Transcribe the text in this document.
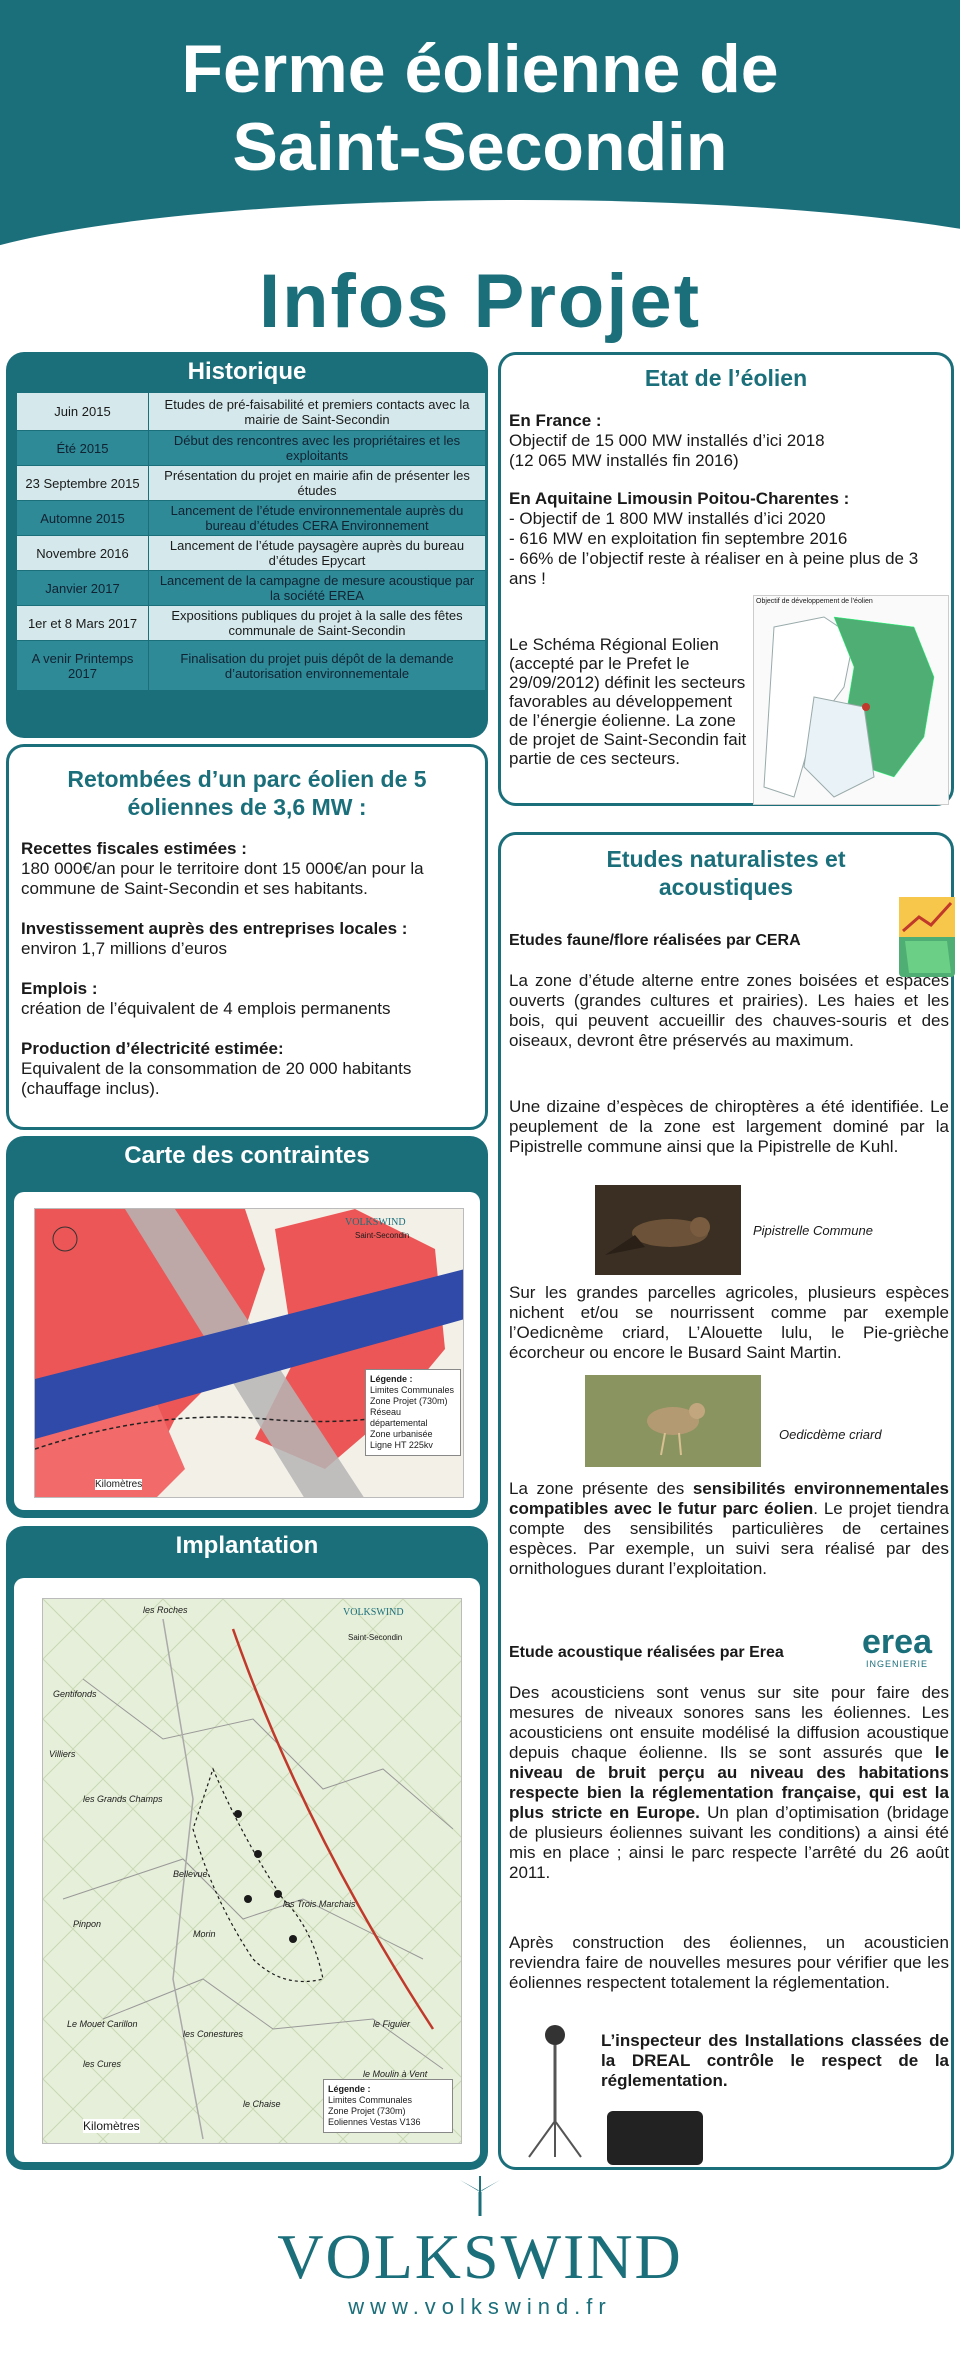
Ferme éolienne de
Saint-Secondin
Infos Projet
Historique
Juin 2015	Etudes de pré-faisabilité et premiers contacts avec la mairie de Saint-Secondin
Été 2015	Début des rencontres avec les propriétaires et les exploitants
23 Septembre 2015	Présentation du projet en mairie afin de présenter les études
Automne 2015	Lancement de l’étude environnementale auprès du bureau d’études CERA Environnement
Novembre 2016	Lancement de l’étude paysagère auprès du bureau d’études Epycart
Janvier 2017	Lancement de la campagne de mesure acoustique par la société EREA
1er et 8 Mars 2017	Expositions publiques du projet à la salle des fêtes communale de Saint-Secondin
A venir Printemps 2017	Finalisation du projet puis dépôt de la demande d’autorisation environnementale
Retombées d’un parc éolien de 5 éoliennes de 3,6 MW :
Recettes fiscales estimées :
180 000€/an pour le territoire dont 15 000€/an pour la commune de Saint-Secondin et ses habitants.
Investissement auprès des entreprises locales :
environ 1,7 millions d’euros
Emplois :
création de l’équivalent de 4 emplois permanents
Production d’électricité estimée:
Equivalent de la consommation de 20 000 habitants (chauffage inclus).
Carte des contraintes
VOLKSWIND
Saint-Secondin
Kilomètres
Légende :
Limites Communales
Zone Projet (730m)
Réseau départemental
Zone urbanisée
Ligne HT 225kv
Implantation
VOLKSWIND
Saint-Secondin
les Roches
Gentifonds
Villiers
les Grands Champs
Bellevue
Pinpon
Morin
les Trois Marchais
Le Mouet Carillon
les Conestures
les Cures
le Figuier
le Moulin à Vent
le Chaise
Kilomètres
Légende :
Limites Communales
Zone Projet (730m)
Eoliennes Vestas V136
Etat de l’éolien
En France :
Objectif de 15 000 MW installés d’ici 2018
(12 065 MW installés fin 2016)
En Aquitaine Limousin Poitou-Charentes :
- Objectif de 1 800 MW installés d’ici 2020
- 616 MW en exploitation fin septembre 2016
- 66% de l’objectif reste à réaliser en à peine plus de 3 ans !
Le Schéma Régional Eolien (accepté par le Prefet le 29/09/2012) définit les secteurs favorables au développement de l’énergie éolienne. La zone de projet de Saint-Secondin fait partie de ces secteurs.
Objectif de développement de l’éolien
Etudes naturalistes et acoustiques
Etudes faune/flore réalisées par CERA
La zone d’étude alterne entre zones boisées et espaces ouverts (grandes cultures et prairies). Les haies et les bois, qui peuvent accueillir des chauves-souris et des oiseaux, devront être préservés au maximum.
Une dizaine d’espèces de chiroptères a été identifiée. Le peuplement de la zone est largement dominé par la Pipistrelle commune ainsi que la Pipistrelle de Kuhl.
Pipistrelle Commune
Sur les grandes parcelles agricoles, plusieurs espèces nichent et/ou se nourrissent comme par exemple l’Oedicnème criard, L’Alouette lulu, le Pie-grièche écorcheur ou encore le Busard Saint Martin.
Oedicdème criard
La zone présente des sensibilités environnementales compatibles avec le futur parc éolien. Le projet tiendra compte des sensibilités particulières de certaines espèces. Par exemple, un suivi sera réalisé par des ornithologues durant l’exploitation.
Etude acoustique réalisées par Erea	erea
INGENIERIE
Des acousticiens sont venus sur site pour faire des mesures de niveaux sonores sans les éoliennes. Les acousticiens ont ensuite modélisé la diffusion acoustique depuis chaque éolienne. Ils se sont assurés que le niveau de bruit perçu au niveau des habitations respecte bien la réglementation française, qui est la plus stricte en Europe. Un plan d’optimisation (bridage de plusieurs éoliennes suivant les conditions) a ainsi été mis en place ; ainsi le parc respecte l’arrêté du 26 août 2011.
Après construction des éoliennes, un acousticien reviendra faire de nouvelles mesures pour vérifier que les éoliennes respectent totalement la réglementation.
L’inspecteur des Installations classées de la DREAL contrôle le respect de la réglementation.
VOLKSWIND
www.volkswind.fr
